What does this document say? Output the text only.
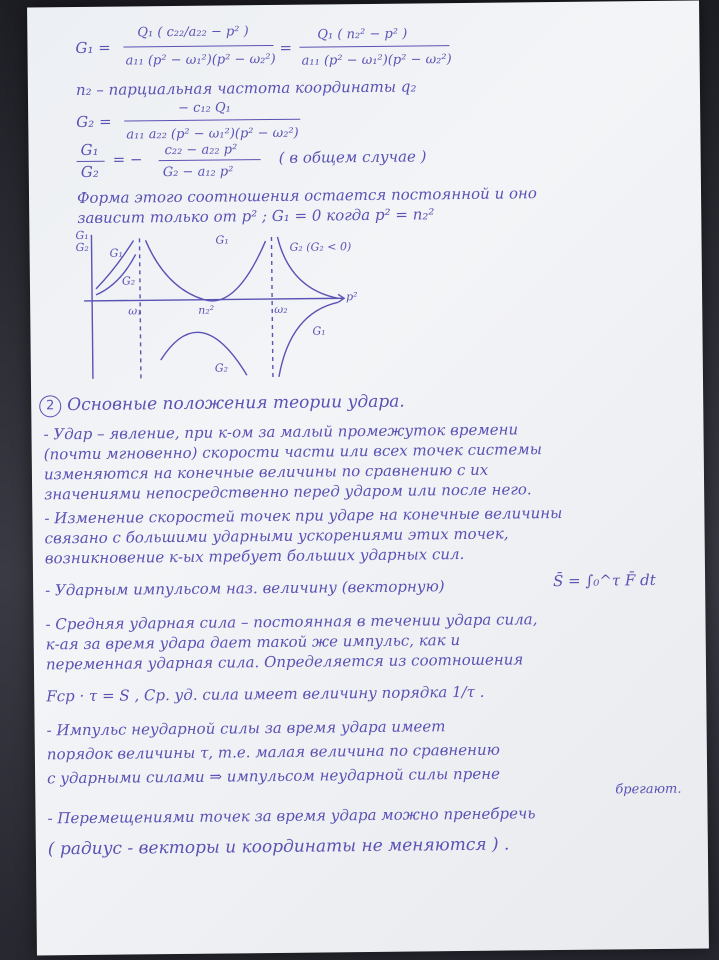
G₁ =
Q₁ ( c₂₂/a₂₂ − p² )
a₁₁ (p² − ω₁²)(p² − ω₂²)
=
Q₁ ( n₂² − p² )
a₁₁ (p² − ω₁²)(p² − ω₂²)
n₂ – парциальная частота координаты q₂
G₂ =
− c₁₂ Q₁
a₁₁ a₂₂ (p² − ω₁²)(p² − ω₂²)
G₁
G₂
= −
c₂₂ − a₂₂ p²
G₂ − a₁₂ p²
( в общем случае )
Форма этого соотношения остается постоянной и оно
зависит только от p² ; G₁ = 0 когда p² = n₂²
G₁
G₂
p²
ω₁	n₂²	ω₂
G₁
G₂
G₁
G₂ (G₂ < 0)
G₁
G₂
2 Основные положения теории удара.
- Удар – явление, при к-ом за малый промежуток времени
(почти мгновенно) скорости части или всех точек системы
изменяются на конечные величины по сравнению с их
значениями непосредственно перед ударом или после него.
- Изменение скоростей точек при ударе на конечные величины
связано с большими ударными ускорениями этих точек,
возникновение к-ых требует больших ударных сил.
- Ударным импульсом наз. величину (векторную)	S̄ = ∫₀^τ F̄ dt
- Средняя ударная сила – постоянная в течении удара сила,
к-ая за время удара дает такой же импульс, как и
переменная ударная сила. Определяется из соотношения
Fср · τ = S , Ср. уд. сила имеет величину порядка 1/τ .
- Импульс неударной силы за время удара имеет
порядок величины τ, т.е. малая величина по сравнению
с ударными силами ⇒ импульсом неударной силы прене
брегают.
- Перемещениями точек за время удара можно пренебречь
( радиус - векторы и координаты не меняются ) .
